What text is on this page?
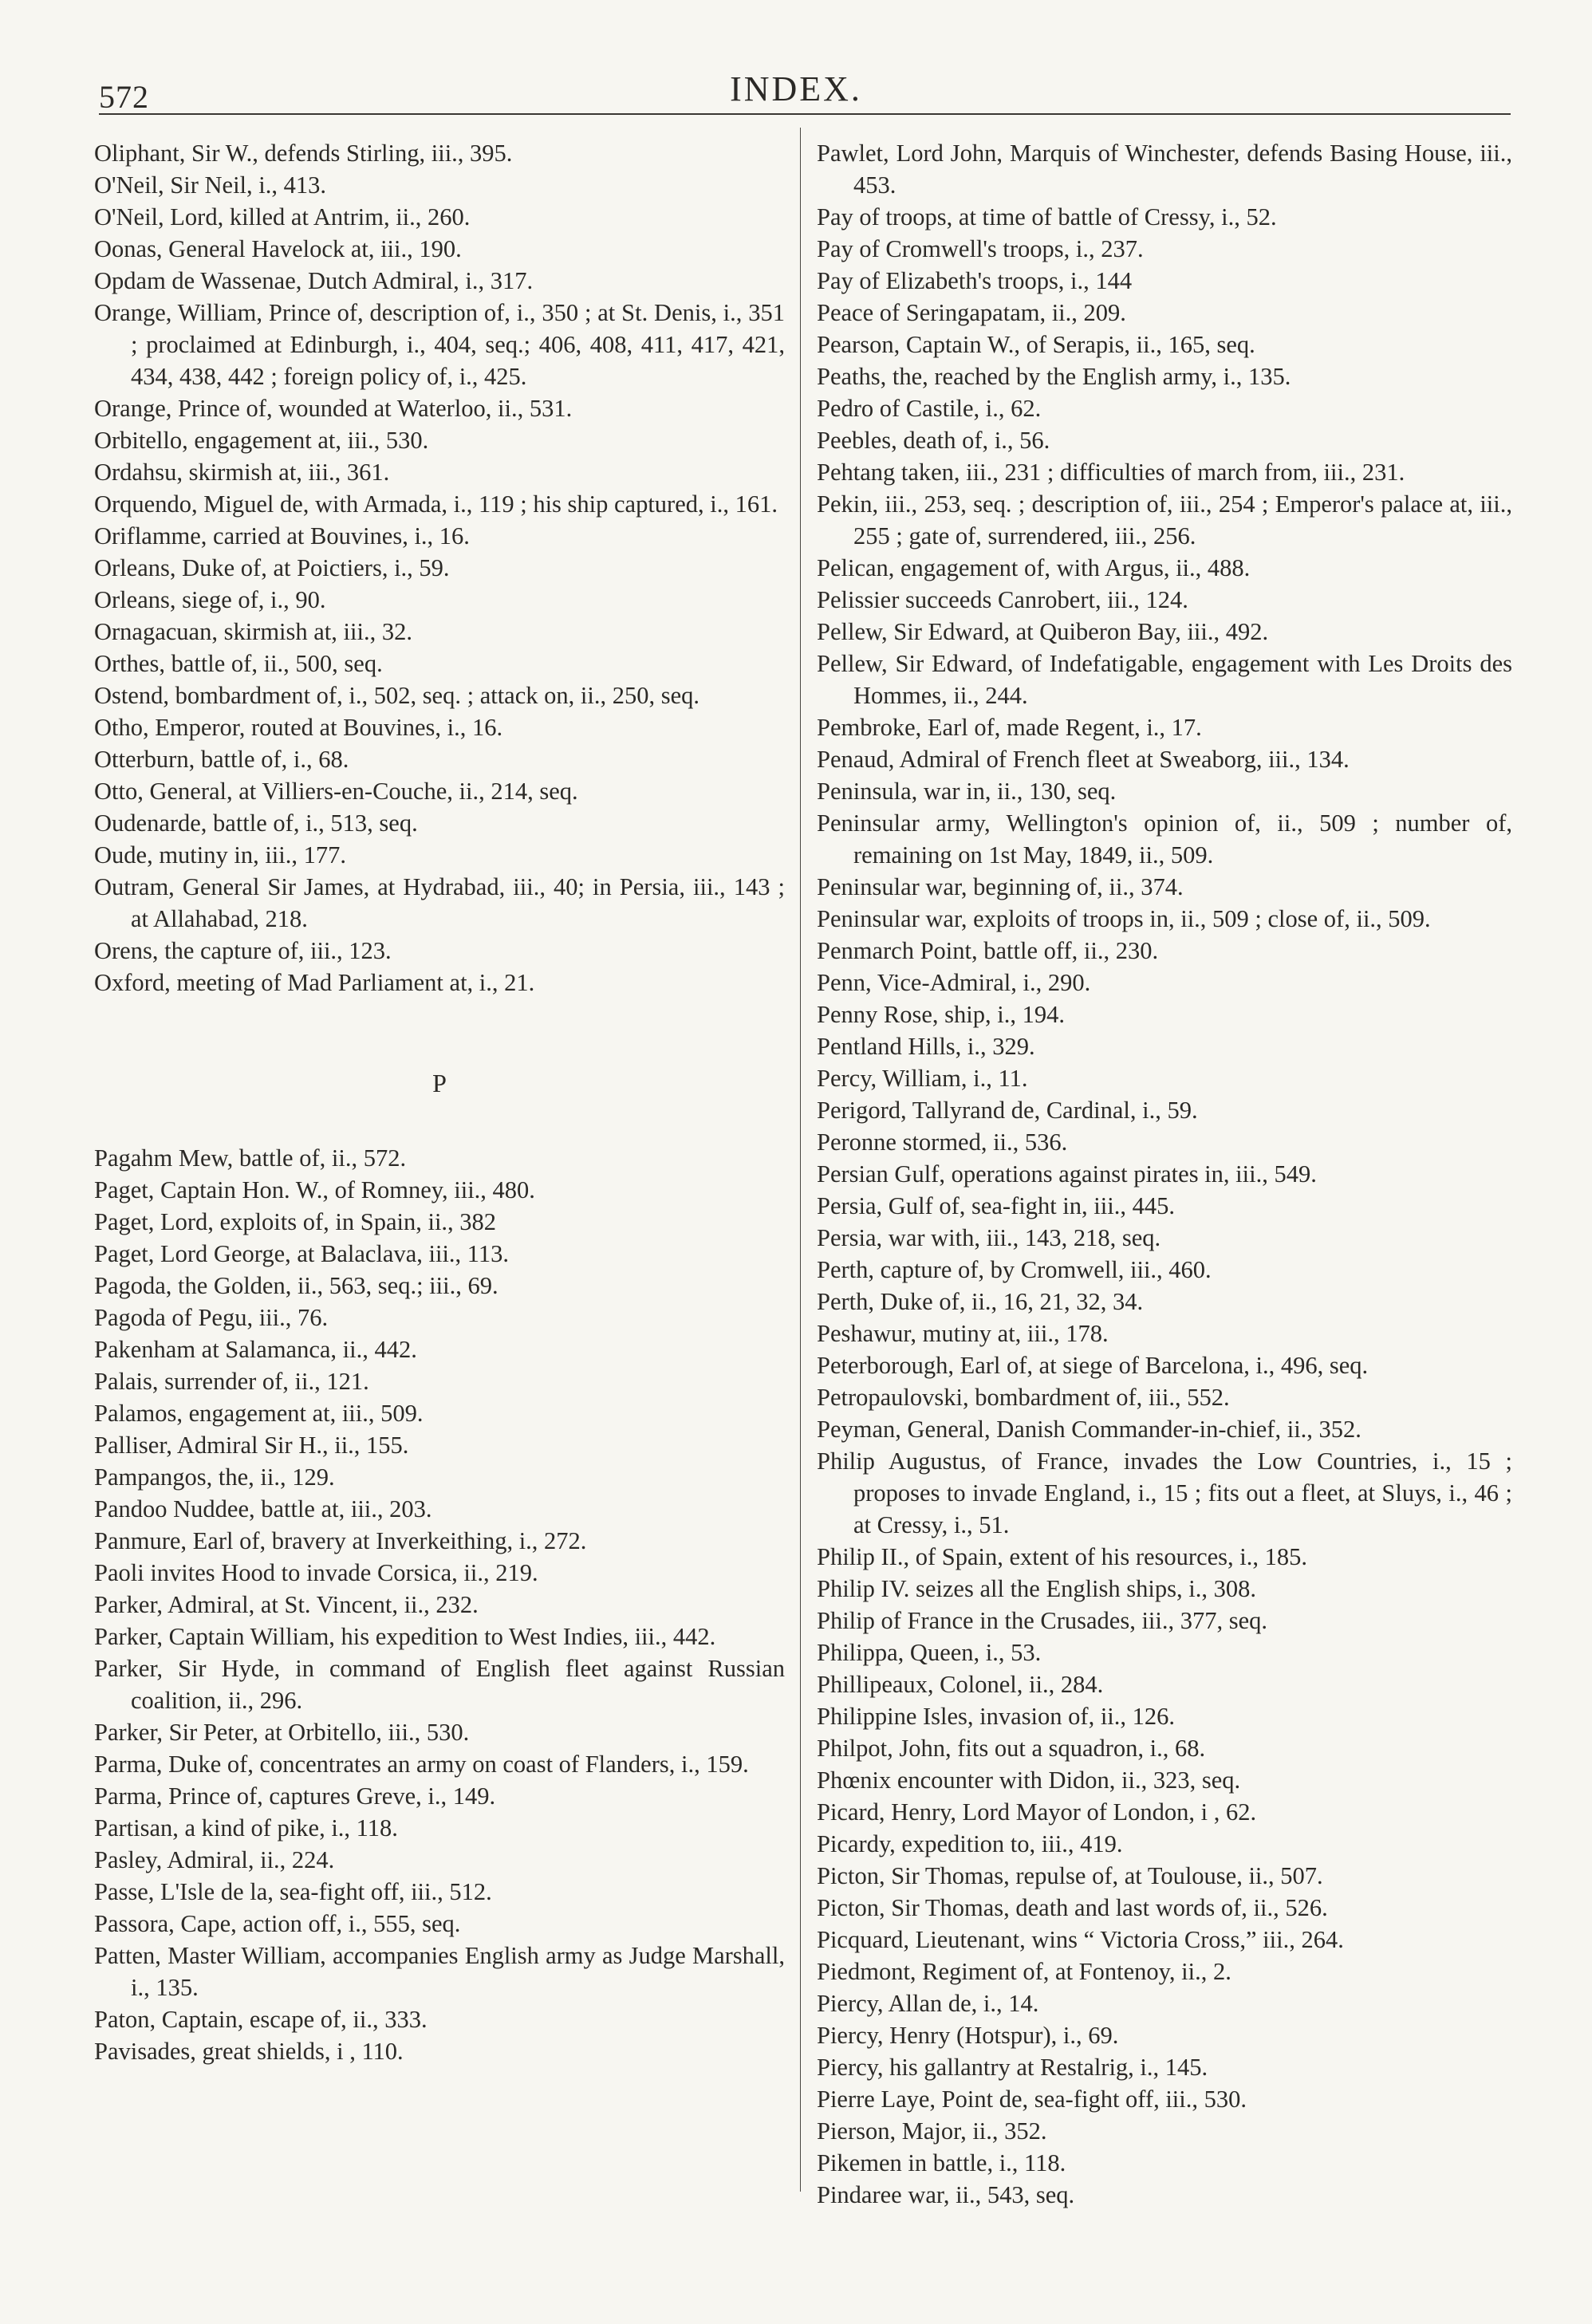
572	INDEX.

Oliphant, Sir W., defends Stirling, iii., 395.

O'Neil, Sir Neil, i., 413.

O'Neil, Lord, killed at Antrim, ii., 260.

Oonas, General Havelock at, iii., 190.

Opdam de Wassenae, Dutch Admiral, i., 317.

Orange, William, Prince of, description of, i., 350 ; at St. Denis, i., 351 ; proclaimed at Edinburgh, i., 404, seq.; 406, 408, 411, 417, 421, 434, 438, 442 ; foreign policy of, i., 425.

Orange, Prince of, wounded at Waterloo, ii., 531.

Orbitello, engagement at, iii., 530.

Ordahsu, skirmish at, iii., 361.

Orquendo, Miguel de, with Armada, i., 119 ; his ship captured, i., 161.

Oriflamme, carried at Bouvines, i., 16.

Orleans, Duke of, at Poictiers, i., 59.

Orleans, siege of, i., 90.

Ornagacuan, skirmish at, iii., 32.

Orthes, battle of, ii., 500, seq.

Ostend, bombardment of, i., 502, seq. ; attack on, ii., 250, seq.

Otho, Emperor, routed at Bouvines, i., 16.

Otterburn, battle of, i., 68.

Otto, General, at Villiers-en-Couche, ii., 214, seq.

Oudenarde, battle of, i., 513, seq.

Oude, mutiny in, iii., 177.

Outram, General Sir James, at Hydrabad, iii., 40; in Persia, iii., 143 ; at Allahabad, 218.

Orens, the capture of, iii., 123.

Oxford, meeting of Mad Parliament at, i., 21.

P

Pagahm Mew, battle of, ii., 572.

Paget, Captain Hon. W., of Romney, iii., 480.

Paget, Lord, exploits of, in Spain, ii., 382

Paget, Lord George, at Balaclava, iii., 113.

Pagoda, the Golden, ii., 563, seq.; iii., 69.

Pagoda of Pegu, iii., 76.

Pakenham at Salamanca, ii., 442.

Palais, surrender of, ii., 121.

Palamos, engagement at, iii., 509.

Palliser, Admiral Sir H., ii., 155.

Pampangos, the, ii., 129.

Pandoo Nuddee, battle at, iii., 203.

Panmure, Earl of, bravery at Inverkeithing, i., 272.

Paoli invites Hood to invade Corsica, ii., 219.

Parker, Admiral, at St. Vincent, ii., 232.

Parker, Captain William, his expedition to West Indies, iii., 442.

Parker, Sir Hyde, in command of English fleet against Russian coalition, ii., 296.

Parker, Sir Peter, at Orbitello, iii., 530.

Parma, Duke of, concentrates an army on coast of Flanders, i., 159.

Parma, Prince of, captures Greve, i., 149.

Partisan, a kind of pike, i., 118.

Pasley, Admiral, ii., 224.

Passe, L'Isle de la, sea-fight off, iii., 512.

Passora, Cape, action off, i., 555, seq.

Patten, Master William, accompanies English army as Judge Marshall, i., 135.

Paton, Captain, escape of, ii., 333.

Pavisades, great shields, i , 110.

Pawlet, Lord John, Marquis of Winchester, defends Basing House, iii., 453.

Pay of troops, at time of battle of Cressy, i., 52.

Pay of Cromwell's troops, i., 237.

Pay of Elizabeth's troops, i., 144

Peace of Seringapatam, ii., 209.

Pearson, Captain W., of Serapis, ii., 165, seq.

Peaths, the, reached by the English army, i., 135.

Pedro of Castile, i., 62.

Peebles, death of, i., 56.

Pehtang taken, iii., 231 ; difficulties of march from, iii., 231.

Pekin, iii., 253, seq. ; description of, iii., 254 ; Emperor's palace at, iii., 255 ; gate of, surrendered, iii., 256.

Pelican, engagement of, with Argus, ii., 488.

Pelissier succeeds Canrobert, iii., 124.

Pellew, Sir Edward, at Quiberon Bay, iii., 492.

Pellew, Sir Edward, of Indefatigable, engagement with Les Droits des Hommes, ii., 244.

Pembroke, Earl of, made Regent, i., 17.

Penaud, Admiral of French fleet at Sweaborg, iii., 134.

Peninsula, war in, ii., 130, seq.

Peninsular army, Wellington's opinion of, ii., 509 ; number of, remaining on 1st May, 1849, ii., 509.

Peninsular war, beginning of, ii., 374.

Peninsular war, exploits of troops in, ii., 509 ; close of, ii., 509.

Penmarch Point, battle off, ii., 230.

Penn, Vice-Admiral, i., 290.

Penny Rose, ship, i., 194.

Pentland Hills, i., 329.

Percy, William, i., 11.

Perigord, Tallyrand de, Cardinal, i., 59.

Peronne stormed, ii., 536.

Persian Gulf, operations against pirates in, iii., 549.

Persia, Gulf of, sea-fight in, iii., 445.

Persia, war with, iii., 143, 218, seq.

Perth, capture of, by Cromwell, iii., 460.

Perth, Duke of, ii., 16, 21, 32, 34.

Peshawur, mutiny at, iii., 178.

Peterborough, Earl of, at siege of Barcelona, i., 496, seq.

Petropaulovski, bombardment of, iii., 552.

Peyman, General, Danish Commander-in-chief, ii., 352.

Philip Augustus, of France, invades the Low Countries, i., 15 ; proposes to invade England, i., 15 ; fits out a fleet, at Sluys, i., 46 ; at Cressy, i., 51.

Philip II., of Spain, extent of his resources, i., 185.

Philip IV. seizes all the English ships, i., 308.

Philip of France in the Crusades, iii., 377, seq.

Philippa, Queen, i., 53.

Phillipeaux, Colonel, ii., 284.

Philippine Isles, invasion of, ii., 126.

Philpot, John, fits out a squadron, i., 68.

Phœnix encounter with Didon, ii., 323, seq.

Picard, Henry, Lord Mayor of London, i , 62.

Picardy, expedition to, iii., 419.

Picton, Sir Thomas, repulse of, at Toulouse, ii., 507.

Picton, Sir Thomas, death and last words of, ii., 526.

Picquard, Lieutenant, wins “ Victoria Cross,” iii., 264.

Piedmont, Regiment of, at Fontenoy, ii., 2.

Piercy, Allan de, i., 14.

Piercy, Henry (Hotspur), i., 69.

Piercy, his gallantry at Restalrig, i., 145.

Pierre Laye, Point de, sea-fight off, iii., 530.

Pierson, Major, ii., 352.

Pikemen in battle, i., 118.

Pindaree war, ii., 543, seq.
